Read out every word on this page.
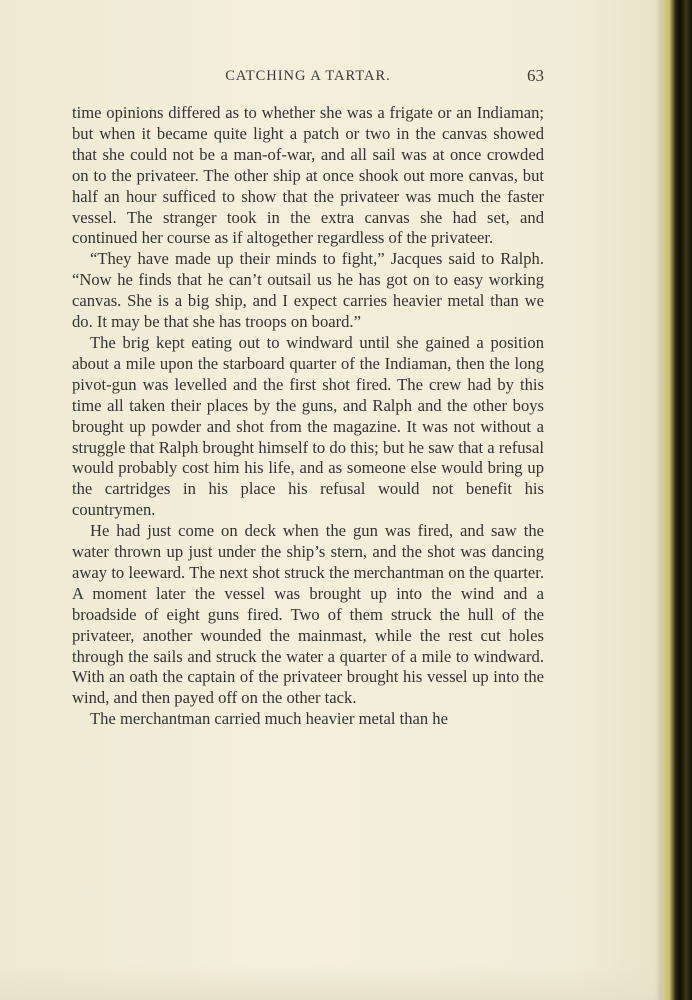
CATCHING A TARTAR.	63

time opinions differed as to whether she was a frigate or an Indiaman; but when it became quite light a patch or two in the canvas showed that she could not be a man-of-war, and all sail was at once crowded on to the privateer. The other ship at once shook out more canvas, but half an hour sufficed to show that the privateer was much the faster vessel. The stranger took in the extra canvas she had set, and continued her course as if altogether regardless of the privateer.

“They have made up their minds to fight,” Jacques said to Ralph. “Now he finds that he can’t outsail us he has got on to easy working canvas. She is a big ship, and I expect carries heavier metal than we do. It may be that she has troops on board.”

The brig kept eating out to windward until she gained a position about a mile upon the starboard quarter of the Indiaman, then the long pivot-gun was levelled and the first shot fired. The crew had by this time all taken their places by the guns, and Ralph and the other boys brought up powder and shot from the magazine. It was not without a struggle that Ralph brought himself to do this; but he saw that a refusal would probably cost him his life, and as someone else would bring up the cartridges in his place his refusal would not benefit his countrymen.

He had just come on deck when the gun was fired, and saw the water thrown up just under the ship’s stern, and the shot was dancing away to leeward. The next shot struck the merchantman on the quarter. A moment later the vessel was brought up into the wind and a broadside of eight guns fired. Two of them struck the hull of the privateer, another wounded the mainmast, while the rest cut holes through the sails and struck the water a quarter of a mile to windward. With an oath the captain of the privateer brought his vessel up into the wind, and then payed off on the other tack.

The merchantman carried much heavier metal than he
